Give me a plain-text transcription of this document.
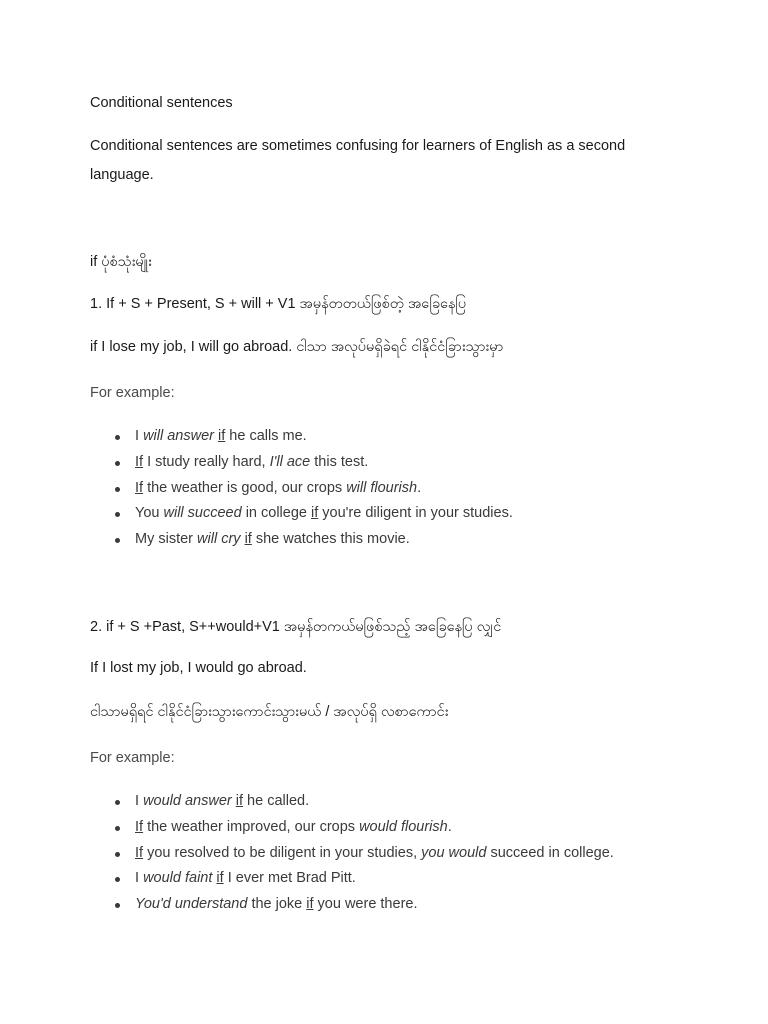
Conditional sentences
Conditional sentences are sometimes confusing for learners of English as a second language.
if ပုံစံသုံးမျိုး
1. If + S + Present, S + will + V1 အမှန်တတယ်ဖြစ်တဲ့ အခြေနေပြ
if I lose my job, I will go abroad. ငါသာ အလုပ်မရှိခဲရင် ငါနိုင်ငံခြားသွားမှာ
For example:
I will answer if he calls me.
If I study really hard, I'll ace this test.
If the weather is good, our crops will flourish.
You will succeed in college if you're diligent in your studies.
My sister will cry if she watches this movie.
2. if + S +Past, S++would+V1 အမှန်တကယ်မဖြစ်သည့် အခြေနေပြ လျှင်
If I lost my job, I would go abroad.
ငါသာမရှိရင် ငါနိုင်ငံခြားသွားကောင်းသွားမယ် / အလုပ်ရှိ လစာကောင်း
For example:
I would answer if he called.
If the weather improved, our crops would flourish.
If you resolved to be diligent in your studies, you would succeed in college.
I would faint if I ever met Brad Pitt.
You'd understand the joke if you were there.
